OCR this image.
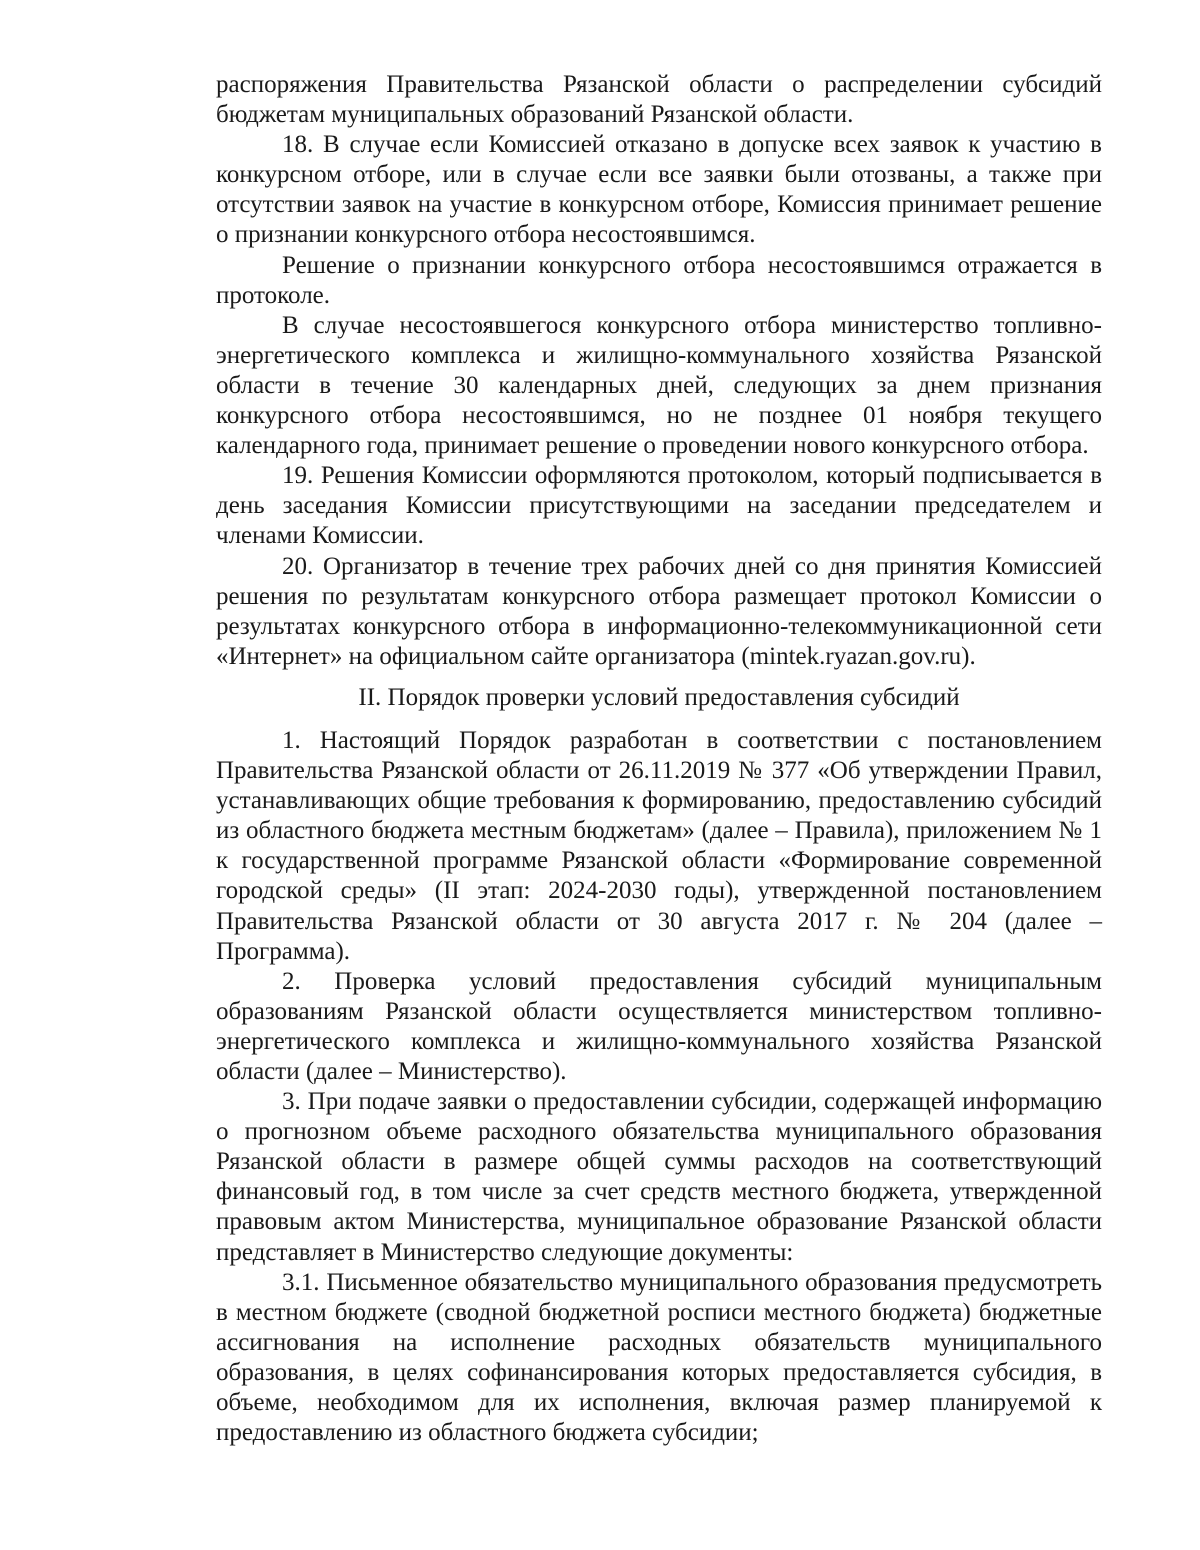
распоряжения Правительства Рязанской области о распределении субсидий бюджетам муниципальных образований Рязанской области.

18. В случае если Комиссией отказано в допуске всех заявок к участию в конкурсном отборе, или в случае если все заявки были отозваны, а также при отсутствии заявок на участие в конкурсном отборе, Комиссия принимает решение о признании конкурсного отбора несостоявшимся.

Решение о признании конкурсного отбора несостоявшимся отражается в протоколе.

В случае несостоявшегося конкурсного отбора министерство топливно-энергетического комплекса и жилищно-коммунального хозяйства Рязанской области в течение 30 календарных дней, следующих за днем признания конкурсного отбора несостоявшимся, но не позднее 01 ноября текущего календарного года, принимает решение о проведении нового конкурсного отбора.

19. Решения Комиссии оформляются протоколом, который подписывается в день заседания Комиссии присутствующими на заседании председателем и членами Комиссии.

20. Организатор в течение трех рабочих дней со дня принятия Комиссией решения по результатам конкурсного отбора размещает протокол Комиссии о результатах конкурсного отбора в информационно-телекоммуникационной сети «Интернет» на официальном сайте организатора (mintek.ryazan.gov.ru).

II. Порядок проверки условий предоставления субсидий

1. Настоящий Порядок разработан в соответствии с постановлением Правительства Рязанской области от 26.11.2019 № 377 «Об утверждении Правил, устанавливающих общие требования к формированию, предоставлению субсидий из областного бюджета местным бюджетам» (далее – Правила), приложением № 1 к государственной программе Рязанской области «Формирование современной городской среды» (II этап: 2024-2030 годы), утвержденной постановлением Правительства Рязанской области от 30 августа 2017 г. № 204 (далее – Программа).

2. Проверка условий предоставления субсидий муниципальным образованиям Рязанской области осуществляется министерством топливно-энергетического комплекса и жилищно-коммунального хозяйства Рязанской области (далее – Министерство).

3. При подаче заявки о предоставлении субсидии, содержащей информацию о прогнозном объеме расходного обязательства муниципального образования Рязанской области в размере общей суммы расходов на соответствующий финансовый год, в том числе за счет средств местного бюджета, утвержденной правовым актом Министерства, муниципальное образование Рязанской области представляет в Министерство следующие документы:

3.1. Письменное обязательство муниципального образования предусмотреть в местном бюджете (сводной бюджетной росписи местного бюджета) бюджетные ассигнования на исполнение расходных обязательств муниципального образования, в целях софинансирования которых предоставляется субсидия, в объеме, необходимом для их исполнения, включая размер планируемой к предоставлению из областного бюджета субсидии;
